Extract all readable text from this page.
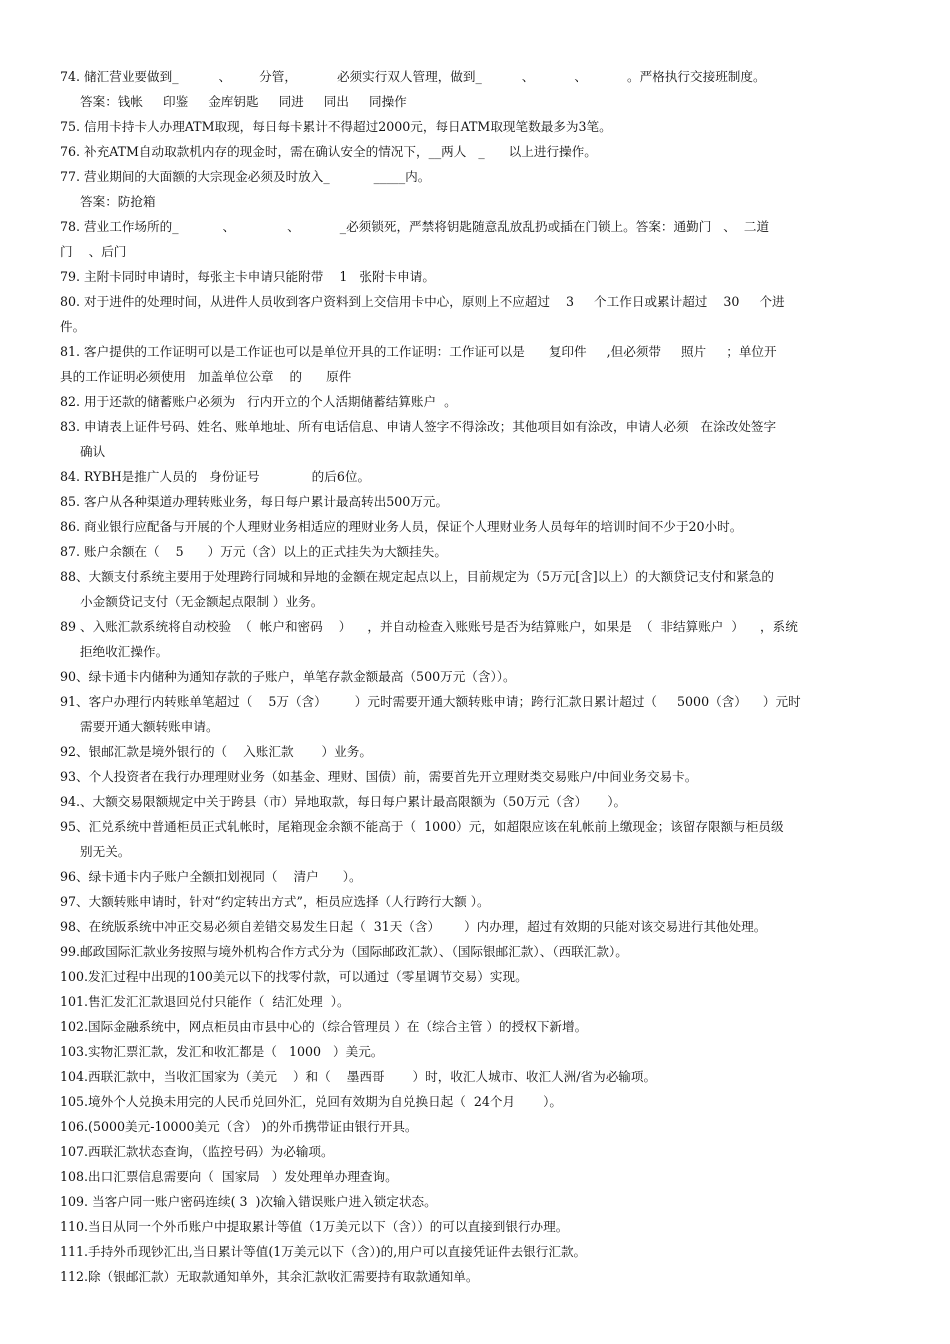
74. 储汇营业要做到_          、       分管，          必须实行双人管理，做到_          、          、          。严格执行交接班制度。
答案：钱帐     印鉴     金库钥匙     同进     同出     同操作
75. 信用卡持卡人办理ATM取现，每日每卡累计不得超过2000元，每日ATM取现笔数最多为3笔。
76. 补充ATM自动取款机内存的现金时，需在确认安全的情况下，__两人   _      以上进行操作。
77. 营业期间的大面额的大宗现金必须及时放入_           _____内。
答案：防抢箱
78. 营业工作场所的_           、             、          _必须锁死，严禁将钥匙随意乱放乱扔或插在门锁上。答案：通勤门   、  二道
门    、后门
79. 主附卡同时申请时，每张主卡申请只能附带    1   张附卡申请。
80. 对于进件的处理时间，从进件人员收到客户资料到上交信用卡中心，原则上不应超过    3     个工作日或累计超过    30     个进
件。
81. 客户提供的工作证明可以是工作证也可以是单位开具的工作证明：工作证可以是      复印件     ,但必须带     照片     ；单位开
具的工作证明必须使用   加盖单位公章    的      原件
82. 用于还款的储蓄账户必须为   行内开立的个人活期储蓄结算账户  。
83. 申请表上证件号码、姓名、账单地址、所有电话信息、申请人签字不得涂改；其他项目如有涂改，申请人必须   在涂改处签字
确认
84. RYBH是推广人员的   身份证号             的后6位。
85. 客户从各种渠道办理转账业务，每日每户累计最高转出500万元。
86. 商业银行应配备与开展的个人理财业务相适应的理财业务人员，保证个人理财业务人员每年的培训时间不少于20小时。
87. 账户余额在（    5      ）万元（含）以上的正式挂失为大额挂失。
88、大额支付系统主要用于处理跨行同城和异地的金额在规定起点以上，目前规定为（5万元[含]以上）的大额贷记支付和紧急的
小金额贷记支付（无金额起点限制 ）业务。
89 、入账汇款系统将自动校验  （  帐户和密码    ）    ，并自动检查入账账号是否为结算账户，如果是  （  非结算账户  ）    ，系统
拒绝收汇操作。
90、绿卡通卡内储种为通知存款的子账户，单笔存款金额最高（500万元（含））。
91、客户办理行内转账单笔超过（    5万（含）       ）元时需要开通大额转账申请；跨行汇款日累计超过（     5000（含）    ）元时
需要开通大额转账申请。
92、银邮汇款是境外银行的（    入账汇款       ）业务。
93、个人投资者在我行办理理财业务（如基金、理财、国债）前，需要首先开立理财类交易账户/中间业务交易卡。
94.、大额交易限额规定中关于跨县（市）异地取款，每日每户累计最高限额为（50万元（含）     ）。
95、汇兑系统中普通柜员正式轧帐时，尾箱现金余额不能高于（  1000）元，如超限应该在轧帐前上缴现金；该留存限额与柜员级
别无关。
96、绿卡通卡内子账户全额扣划视同（    清户      ）。
97、大额转账申请时，针对“约定转出方式”，柜员应选择（人行跨行大额 ）。
98、在统版系统中冲正交易必须自差错交易发生日起（  31天（含）      ）内办理，超过有效期的只能对该交易进行其他处理。
99.邮政国际汇款业务按照与境外机构合作方式分为（国际邮政汇款）、（国际银邮汇款）、（西联汇款）。
100.发汇过程中出现的100美元以下的找零付款，可以通过（零星调节交易）实现。
101.售汇发汇汇款退回兑付只能作（  结汇处理  ）。
102.国际金融系统中，网点柜员由市县中心的（综合管理员 ）在（综合主管 ）的授权下新增。
103.实物汇票汇款，发汇和收汇都是（   1000   ）美元。
104.西联汇款中，当收汇国家为（美元    ）和（    墨西哥       ）时，收汇人城市、收汇人洲/省为必输项。
105.境外个人兑换未用完的人民币兑回外汇，兑回有效期为自兑换日起（  24个月       ）。
106.(5000美元-10000美元（含） )的外币携带证由银行开具。
107.西联汇款状态查询，（监控号码）为必输项。
108.出口汇票信息需要向（  国家局   ）发处理单办理查询。
109. 当客户同一账户密码连续( 3  )次输入错误账户进入锁定状态。
110.当日从同一个外币账户中提取累计等值（1万美元以下（含））的可以直接到银行办理。
111.手持外币现钞汇出,当日累计等值(1万美元以下（含）)的,用户可以直接凭证件去银行汇款。
112.除（银邮汇款）无取款通知单外，其余汇款收汇需要持有取款通知单。
